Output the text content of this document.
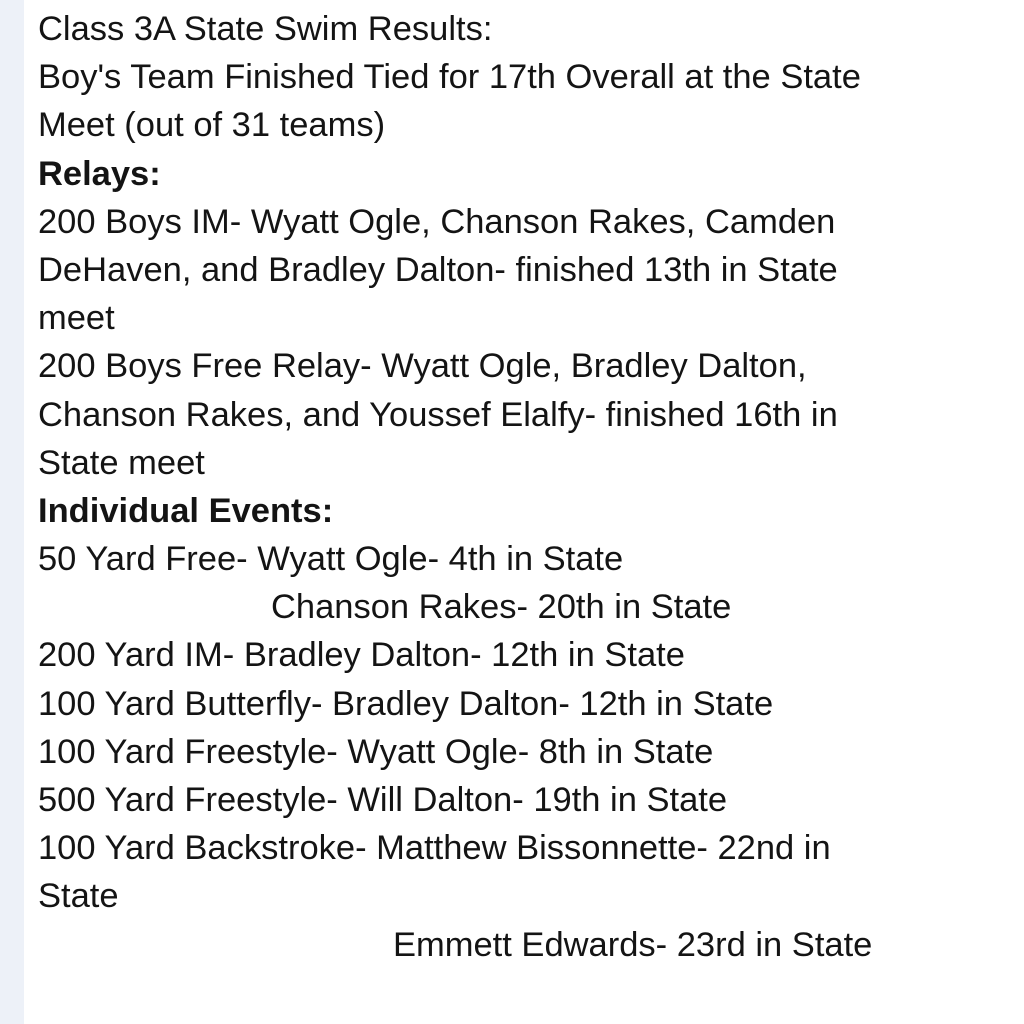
Class 3A State Swim Results:
Boy's Team Finished Tied for 17th Overall at the State
Meet (out of 31 teams)
Relays:
200 Boys IM- Wyatt Ogle, Chanson Rakes, Camden
DeHaven, and Bradley Dalton- finished 13th in State
meet
200 Boys Free Relay- Wyatt Ogle, Bradley Dalton,
Chanson Rakes, and Youssef Elalfy- finished 16th in
State meet
Individual Events:
50 Yard Free- Wyatt Ogle- 4th in State
Chanson Rakes- 20th in State
200 Yard IM- Bradley Dalton- 12th in State
100 Yard Butterfly- Bradley Dalton- 12th in State
100 Yard Freestyle- Wyatt Ogle- 8th in State
500 Yard Freestyle- Will Dalton- 19th in State
100 Yard Backstroke- Matthew Bissonnette- 22nd in
State
Emmett Edwards- 23rd in State
